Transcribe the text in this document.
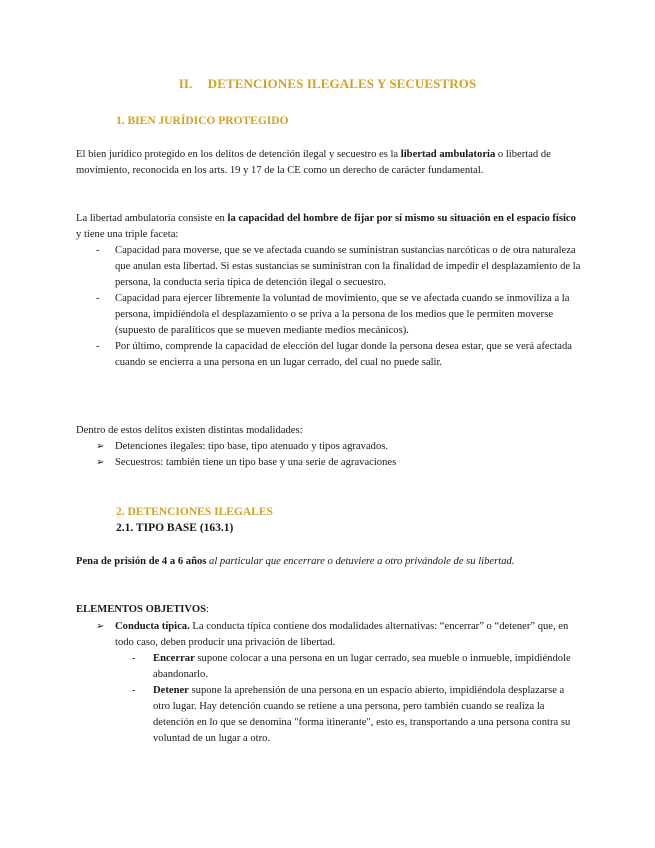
II. DETENCIONES ILEGALES Y SECUESTROS
1. BIEN JURÍDICO PROTEGIDO

El bien jurídico protegido en los delitos de detención ilegal y secuestro es la libertad ambulatoria o libertad de movimiento, reconocida en los arts. 19 y 17 de la CE como un derecho de carácter fundamental.

La libertad ambulatoria consiste en la capacidad del hombre de fijar por sí mismo su situación en el espacio físico y tiene una triple faceta:

- Capacidad para moverse, que se ve afectada cuando se suministran sustancias narcóticas o de otra naturaleza que anulan esta libertad. Si estas sustancias se suministran con la finalidad de impedir el desplazamiento de la persona, la conducta sería típica de detención ilegal o secuestro.
- Capacidad para ejercer libremente la voluntad de movimiento, que se ve afectada cuando se inmoviliza a la persona, impidiéndola el desplazamiento o se priva a la persona de los medios que le permiten moverse (supuesto de paralíticos que se mueven mediante medios mecánicos).
- Por último, comprende la capacidad de elección del lugar donde la persona desea estar, que se verá afectada cuando se encierra a una persona en un lugar cerrado, del cual no puede salir.

Dentro de estos delitos existen distintas modalidades:

➢ Detenciones ilegales: tipo base, tipo atenuado y tipos agravados.
➢ Secuestros: también tiene un tipo base y una serie de agravaciones
2. DETENCIONES ILEGALES
2.1. TIPO BASE (163.1)

Pena de prisión de 4 a 6 años al particular que encerrare o detuviere a otro privándole de su libertad.

ELEMENTOS OBJETIVOS:

➢ Conducta típica. La conducta típica contiene dos modalidades alternativas: “encerrar” o “detener” que, en todo caso, deben producir una privación de libertad.
- Encerrar supone colocar a una persona en un lugar cerrado, sea mueble o inmueble, impidiéndole abandonarlo.
- Detener supone la aprehensión de una persona en un espacio abierto, impidiéndola desplazarse a otro lugar. Hay detención cuando se retiene a una persona, pero también cuando se realiza la detención en lo que se denomina "forma itinerante", esto es, transportando a una persona contra su voluntad de un lugar a otro.
